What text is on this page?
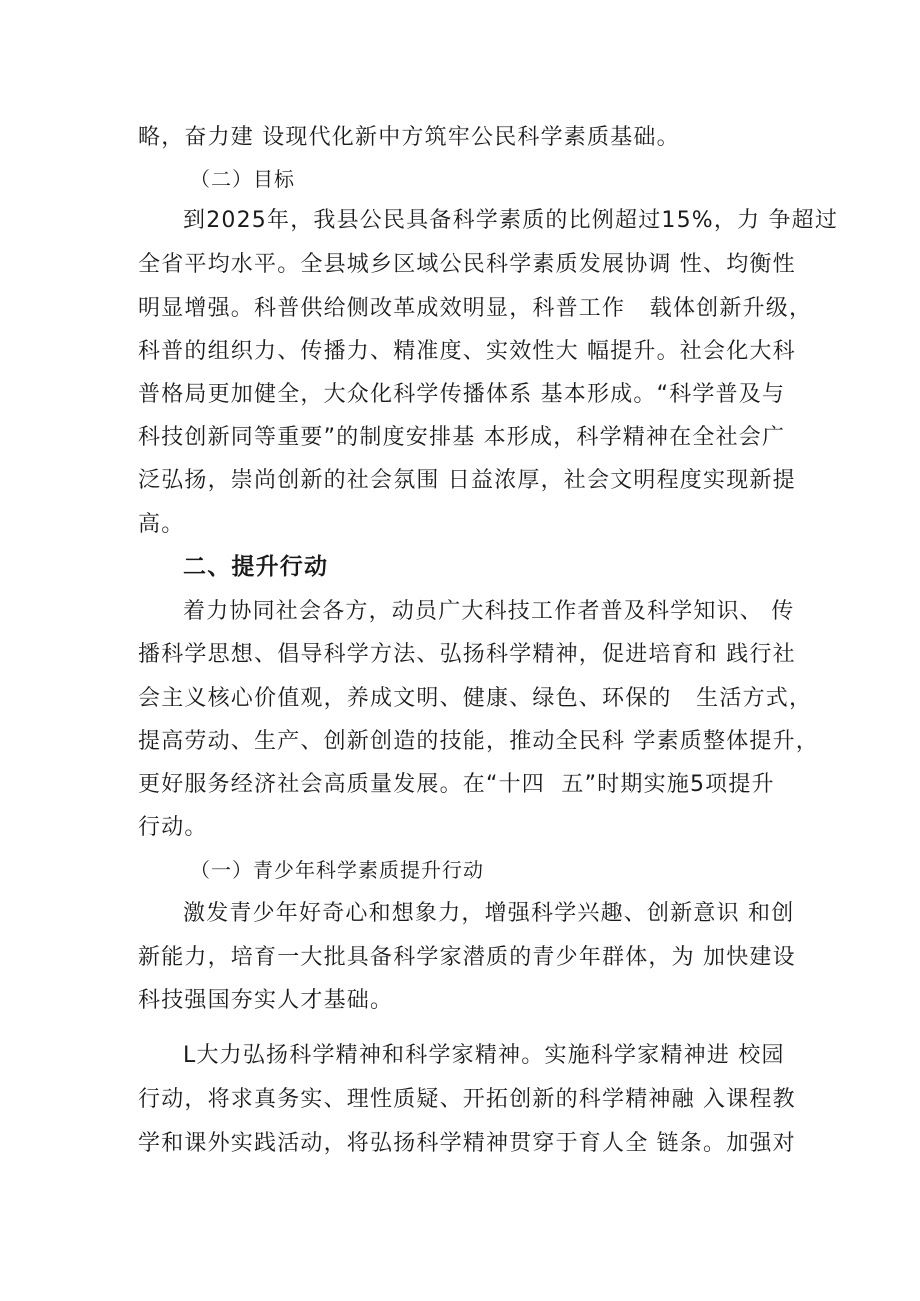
略，奋力建 设现代化新中方筑牢公民科学素质基础。
（二）目标
到2025年，我县公民具备科学素质的比例超过15%，力 争超过
全省平均水平。全县城乡区域公民科学素质发展协调 性、均衡性
明显增强。科普供给侧改革成效明显，科普工作   载体创新升级，
科普的组织力、传播力、精准度、实效性大 幅提升。社会化大科
普格局更加健全，大众化科学传播体系 基本形成。“科学普及与
科技创新同等重要”的制度安排基 本形成，科学精神在全社会广
泛弘扬，崇尚创新的社会氛围 日益浓厚，社会文明程度实现新提
高。
二、提升行动
着力协同社会各方，动员广大科技工作者普及科学知识、 传
播科学思想、倡导科学方法、弘扬科学精神，促进培育和 践行社
会主义核心价值观，养成文明、健康、绿色、环保的   生活方式，
提高劳动、生产、创新创造的技能，推动全民科 学素质整体提升，
更好服务经济社会高质量发展。在“十四  五”时期实施5项提升
行动。
（一）青少年科学素质提升行动
激发青少年好奇心和想象力，增强科学兴趣、创新意识 和创
新能力，培育一大批具备科学家潜质的青少年群体，为 加快建设
科技强国夯实人才基础。
L大力弘扬科学精神和科学家精神。实施科学家精神进 校园
行动，将求真务实、理性质疑、开拓创新的科学精神融 入课程教
学和课外实践活动，将弘扬科学精神贯穿于育人全 链条。加强对
